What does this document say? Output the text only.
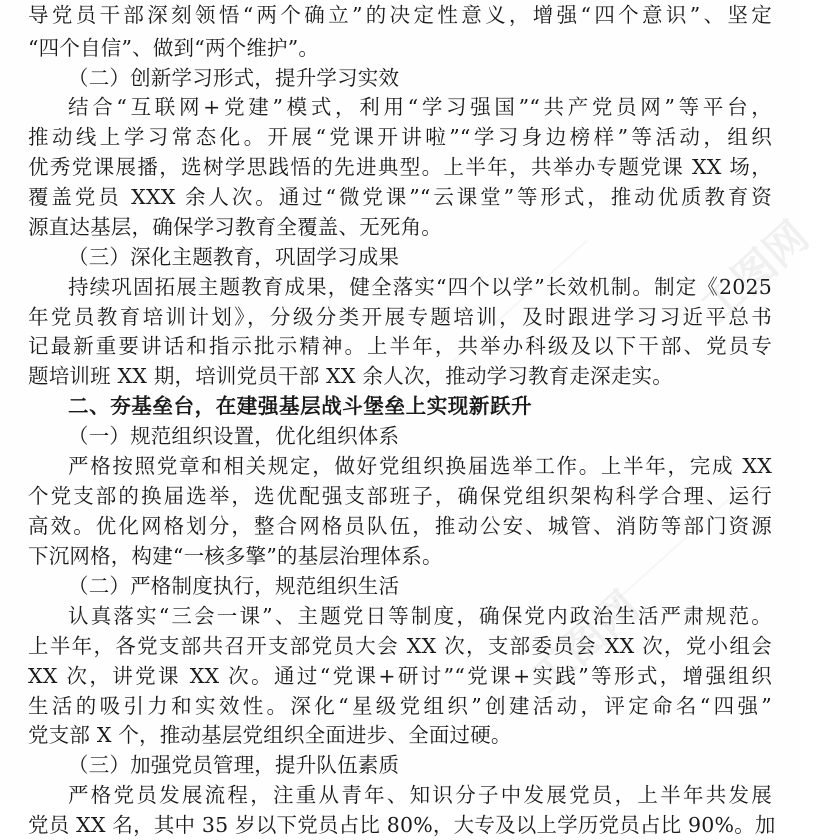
工图网
工图网
导党员干部深刻领悟“两个确立”的决定性意义，增强“四个意识”、坚定
“四个自信”、做到“两个维护”。
（二）创新学习形式，提升学习实效
结合“互联网+党建”模式，利用“学习强国”“共产党员网”等平台，
推动线上学习常态化。开展“党课开讲啦”“学习身边榜样”等活动，组织
优秀党课展播，选树学思践悟的先进典型。上半年，共举办专题党课 XX 场，
覆盖党员 XXX 余人次。通过“微党课”“云课堂”等形式，推动优质教育资
源直达基层，确保学习教育全覆盖、无死角。
（三）深化主题教育，巩固学习成果
持续巩固拓展主题教育成果，健全落实“四个以学”长效机制。制定《2025
年党员教育培训计划》，分级分类开展专题培训，及时跟进学习习近平总书
记最新重要讲话和指示批示精神。上半年，共举办科级及以下干部、党员专
题培训班 XX 期，培训党员干部 XX 余人次，推动学习教育走深走实。
二、夯基垒台，在建强基层战斗堡垒上实现新跃升
（一）规范组织设置，优化组织体系
严格按照党章和相关规定，做好党组织换届选举工作。上半年，完成 XX
个党支部的换届选举，选优配强支部班子，确保党组织架构科学合理、运行
高效。优化网格划分，整合网格员队伍，推动公安、城管、消防等部门资源
下沉网格，构建“一核多擎”的基层治理体系。
（二）严格制度执行，规范组织生活
认真落实“三会一课”、主题党日等制度，确保党内政治生活严肃规范。
上半年，各党支部共召开支部党员大会 XX 次，支部委员会 XX 次，党小组会
XX 次，讲党课 XX 次。通过“党课+研讨”“党课+实践”等形式，增强组织
生活的吸引力和实效性。深化“星级党组织”创建活动，评定命名“四强”
党支部 X 个，推动基层党组织全面进步、全面过硬。
（三）加强党员管理，提升队伍素质
严格党员发展流程，注重从青年、知识分子中发展党员，上半年共发展
党员 XX 名，其中 35 岁以下党员占比 80%，大专及以上学历党员占比 90%。加
